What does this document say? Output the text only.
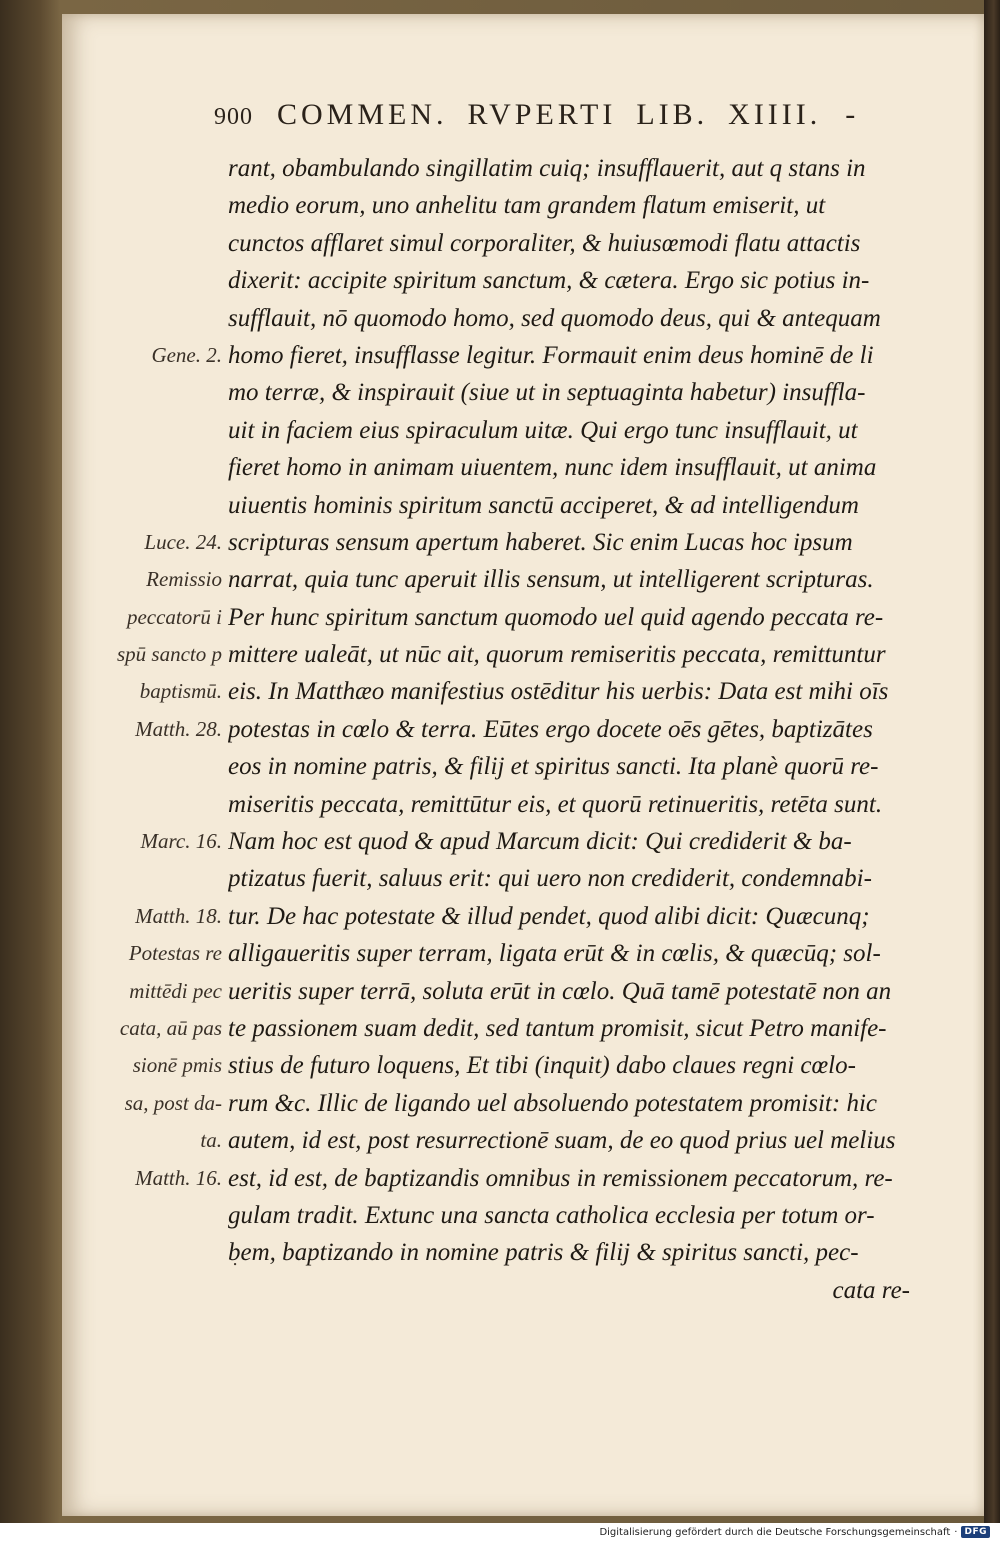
900 COMMEN. RVPERTI LIB. XIIII. -
Gene. 2.
Luce. 24.
Remissio
peccatorū i
spū sancto p
baptismū.
Matth. 28.
Marc. 16.
Matth. 18.
Potestas re
mittēdi pec
cata, aū pas
sionē pmis
sa, post da-
ta.
Matth. 16.
rant, obambulando singillatim cuiq; insufflauerit, aut q stans in
medio eorum, uno anhelitu tam grandem flatum emiserit, ut
cunctos afflaret simul corporaliter, & huiusœmodi flatu attactis
dixerit: accipite spiritum sanctum, & cætera. Ergo sic potius in-
sufflauit, nō quomodo homo, sed quomodo deus, qui & antequam
homo fieret, insufflasse legitur. Formauit enim deus hominē de li
mo terræ, & inspirauit (siue ut in septuaginta habetur) insuffla-
uit in faciem eius spiraculum uitæ. Qui ergo tunc insufflauit, ut
fieret homo in animam uiuentem, nunc idem insufflauit, ut anima
uiuentis hominis spiritum sanctū acciperet, & ad intelligendum
scripturas sensum apertum haberet. Sic enim Lucas hoc ipsum
narrat, quia tunc aperuit illis sensum, ut intelligerent scripturas.
Per hunc spiritum sanctum quomodo uel quid agendo peccata re-
mittere ualeāt, ut nūc ait, quorum remiseritis peccata, remittuntur
eis. In Matthæo manifestius ostēditur his uerbis: Data est mihi oīs
potestas in cœlo & terra. Eūtes ergo docete oēs gētes, baptizātes
eos in nomine patris, & filij et spiritus sancti. Ita planè quorū re-
miseritis peccata, remittūtur eis, et quorū retinueritis, retēta sunt.
Nam hoc est quod & apud Marcum dicit: Qui crediderit & ba-
ptizatus fuerit, saluus erit: qui uero non crediderit, condemnabi-
tur. De hac potestate & illud pendet, quod alibi dicit: Quæcunq;
alligaueritis super terram, ligata erūt & in cœlis, & quæcūq; sol-
ueritis super terrā, soluta erūt in cœlo. Quā tamē potestatē non an
te passionem suam dedit, sed tantum promisit, sicut Petro manife-
stius de futuro loquens, Et tibi (inquit) dabo claues regni cœlo-
rum &c. Illic de ligando uel absoluendo potestatem promisit: hic
autem, id est, post resurrectionē suam, de eo quod prius uel melius
est, id est, de baptizandis omnibus in remissionem peccatorum, re-
gulam tradit. Extunc una sancta catholica ecclesia per totum or-
bem, baptizando in nomine patris & filij & spiritus sancti, pec-
cata re-
⠁
Digitalisierung gefördert durch die Deutsche Forschungsgemeinschaft · DFG
